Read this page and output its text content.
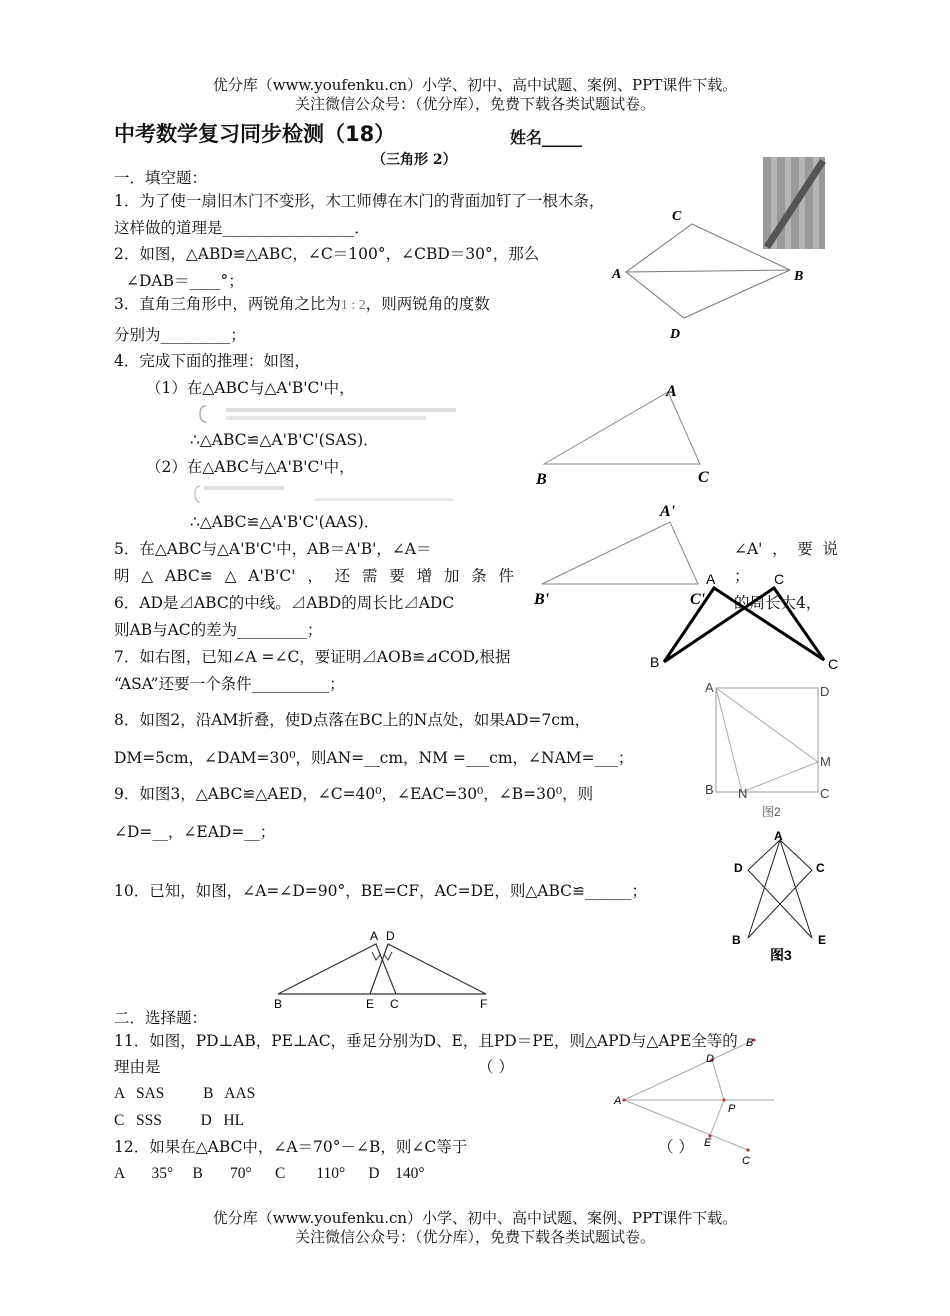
优分库（www.youfenku.cn）小学、初中、高中试题、案例、PPT课件下载。
关注微信公众号：（优分库），免费下载各类试题试卷。
中考数学复习同步检测（18）	姓名_____
（三角形 2）
一．填空题：
1．为了使一扇旧木门不变形，木工师傅在木门的背面加钉了一根木条，
这样做的道理是_________________．
2．如图，△ABD≌△ABC，∠C＝100°，∠CBD＝30°，那么
∠DAB＝____°；
3．直角三角形中，两锐角之比为1 : 2，则两锐角的度数
分别为_________；
4．完成下面的推理：如图，
（1）在△ABC与△A'B'C'中，
∴△ABC≌△A'B'C'(SAS)．
（2）在△ABC与△A'B'C'中，
∴△ABC≌△A'B'C'(AAS)．
5．在△ABC与△A'B'C'中，AB＝A'B'，∠A＝	∠A'，要说
明△ABC≌△A'B'C'，还需要增加条件	；
6．AD是⊿ABC的中线。⊿ABD的周长比⊿ADC	的周长大4，
则AB与AC的差为_________；
7．如右图，已知∠A =∠C，要证明⊿AOB≌⊿COD,根据
“ASA”还要一个条件__________；
8．如图2，沿AM折叠，使D点落在BC上的N点处，如果AD=7cm，
DM=5cm，∠DAM=30⁰，则AN=__cm，NM =___cm，∠NAM=___；
9．如图3，△ABC≌△AED，∠C=40⁰，∠EAC=30⁰，∠B=30⁰，则
∠D=__，∠EAD=__；
10．已知，如图，∠A=∠D=90°，BE=CF，AC=DE，则△ABC≌______；
二．选择题：
11．如图，PD⊥AB，PE⊥AC，垂足分别为D、E，且PD＝PE，则△APD与△APE全等的
理由是	（ ）
A   SAS          B   AAS
C   SSS          D   HL
12．如果在△ABC中，∠A＝70°－∠B，则∠C等于	（ ）
A       35°     B       70°      C        110°      D    140°
优分库（www.youfenku.cn）小学、初中、高中试题、案例、PPT课件下载。
关注微信公众号：（优分库），免费下载各类试题试卷。
C
A	B
D
A
B	C
A'
B'	C'
A	C
B	C
A	D
M
B N	C
图2
A
D	C
B	E
图3
A D
B	E C	F
D
B
A
P
E
C
